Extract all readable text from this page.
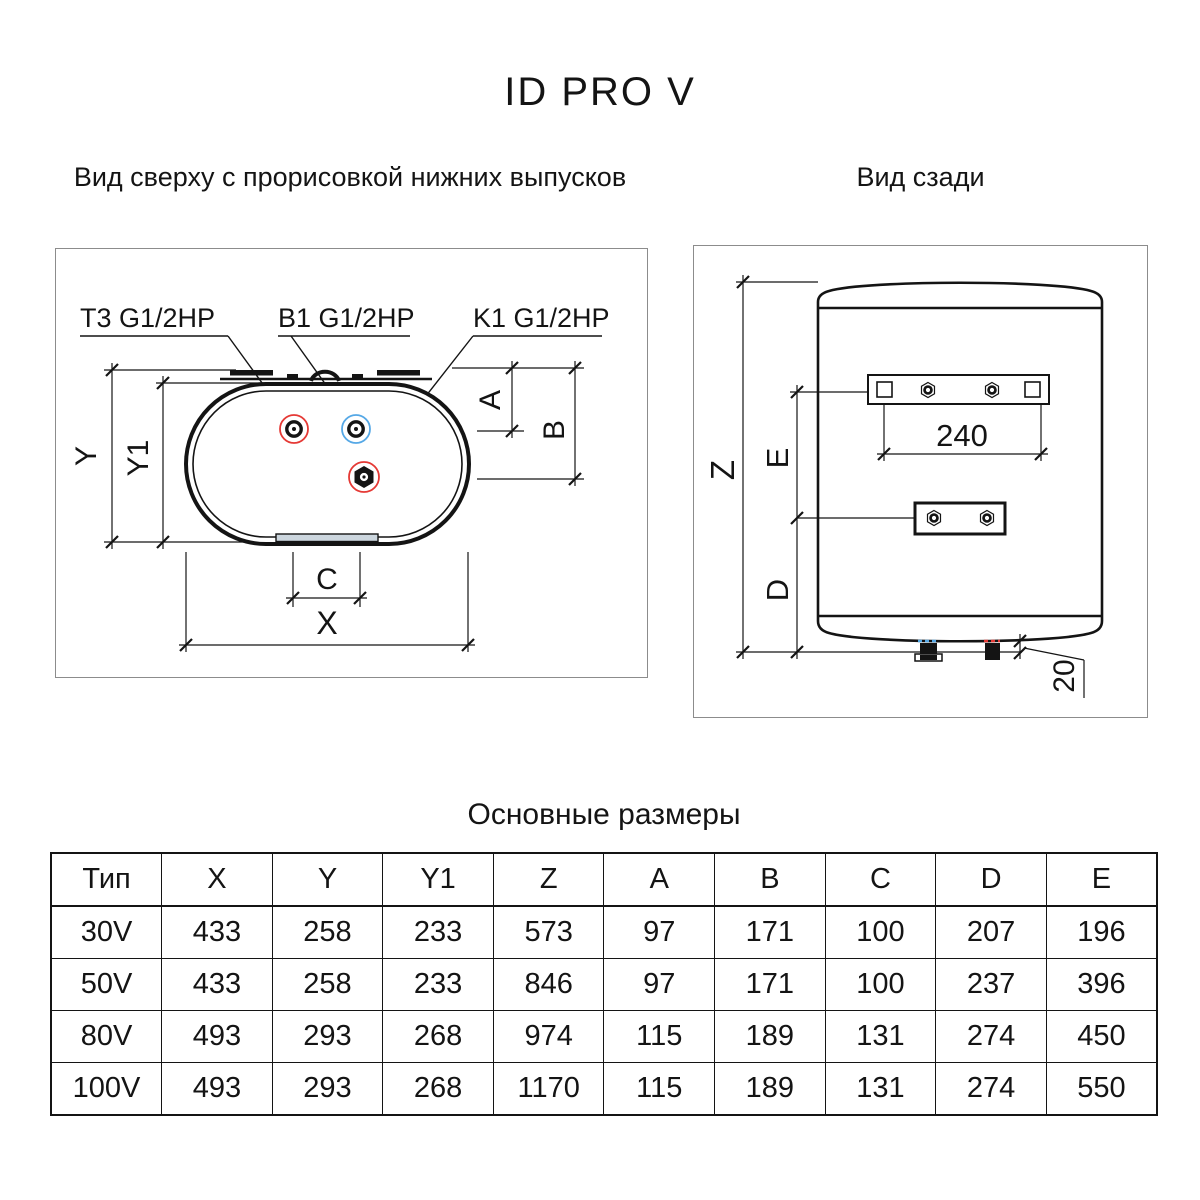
ID PRO V
Вид сверху с прорисовкой нижних выпусков	Вид сзади
T3 G1/2HP B1 G1/2HP K1 G1/2HP
Y Y1
A
B
C
X
240
Z
E
D
20
Основные размеры
Тип	X	Y	Y1	Z	A	B	C	D	E
30V	433	258	233	573	97	171	100	207	196
50V	433	258	233	846	97	171	100	237	396
80V	493	293	268	974	115	189	131	274	450
100V	493	293	268	1170	115	189	131	274	550
